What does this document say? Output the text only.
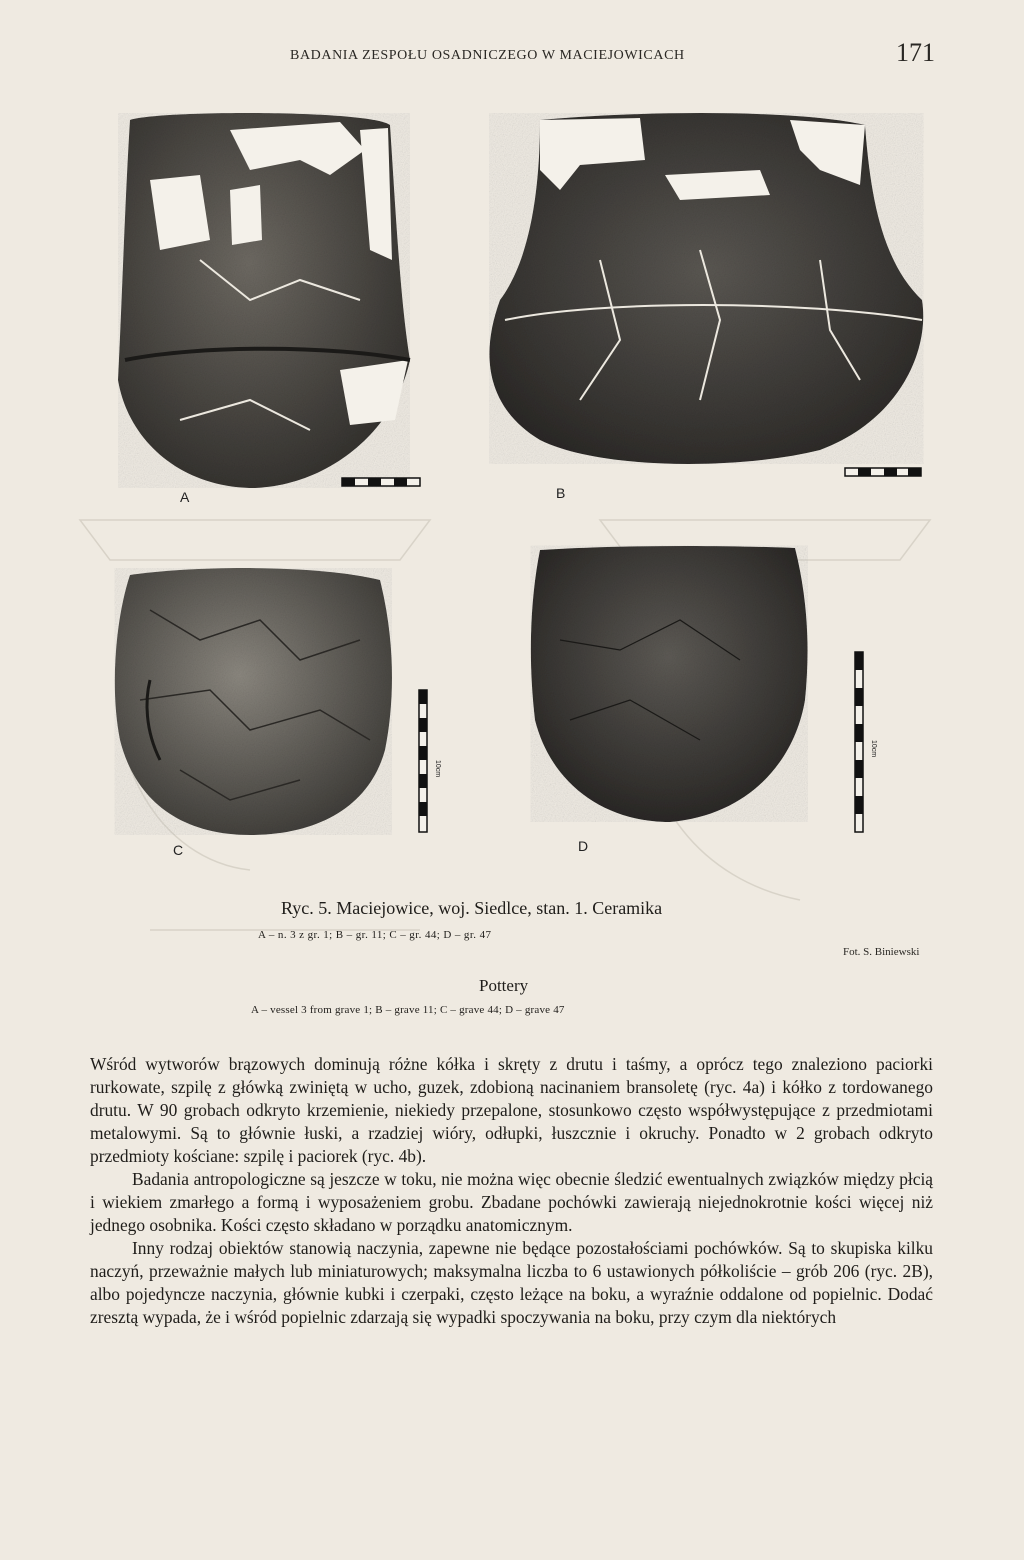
BADANIA ZESPOŁU OSADNICZEGO W MACIEJOWICACH	171
10cm
10cm
A	B
C	D
Ryc. 5. Maciejowice, woj. Siedlce, stan. 1. Ceramika
A – n. 3 z gr. 1; B – gr. 11; C – gr. 44; D – gr. 47
Fot. S. Biniewski
Pottery
A – vessel 3 from grave 1; B – grave 11; C – grave 44; D – grave 47

Wśród wytworów brązowych dominują różne kółka i skręty z drutu i taśmy, a oprócz tego znaleziono paciorki rurkowate, szpilę z główką zwiniętą w ucho, guzek, zdobioną nacinaniem bransoletę (ryc. 4a) i kółko z tordowanego drutu. W 90 grobach odkryto krzemienie, niekiedy przepalone, stosunkowo często współwystępujące z przedmiotami metalowymi. Są to głównie łuski, a rzadziej wióry, odłupki, łuszcznie i okruchy. Ponadto w 2 grobach odkryto przedmioty kościane: szpilę i paciorek (ryc. 4b).

Badania antropologiczne są jeszcze w toku, nie można więc obecnie śledzić ewentualnych związków między płcią i wiekiem zmarłego a formą i wyposażeniem grobu. Zbadane pochówki zawierają niejednokrotnie kości więcej niż jednego osobnika. Kości często składano w porządku anatomicznym.

Inny rodzaj obiektów stanowią naczynia, zapewne nie będące pozostałościami pochówków. Są to skupiska kilku naczyń, przeważnie małych lub miniaturowych; maksymalna liczba to 6 ustawionych półkoliście – grób 206 (ryc. 2B), albo pojedyncze naczynia, głównie kubki i czerpaki, często leżące na boku, a wyraźnie oddalone od popielnic. Dodać zresztą wypada, że i wśród popielnic zdarzają się wypadki spoczywania na boku, przy czym dla niektórych
